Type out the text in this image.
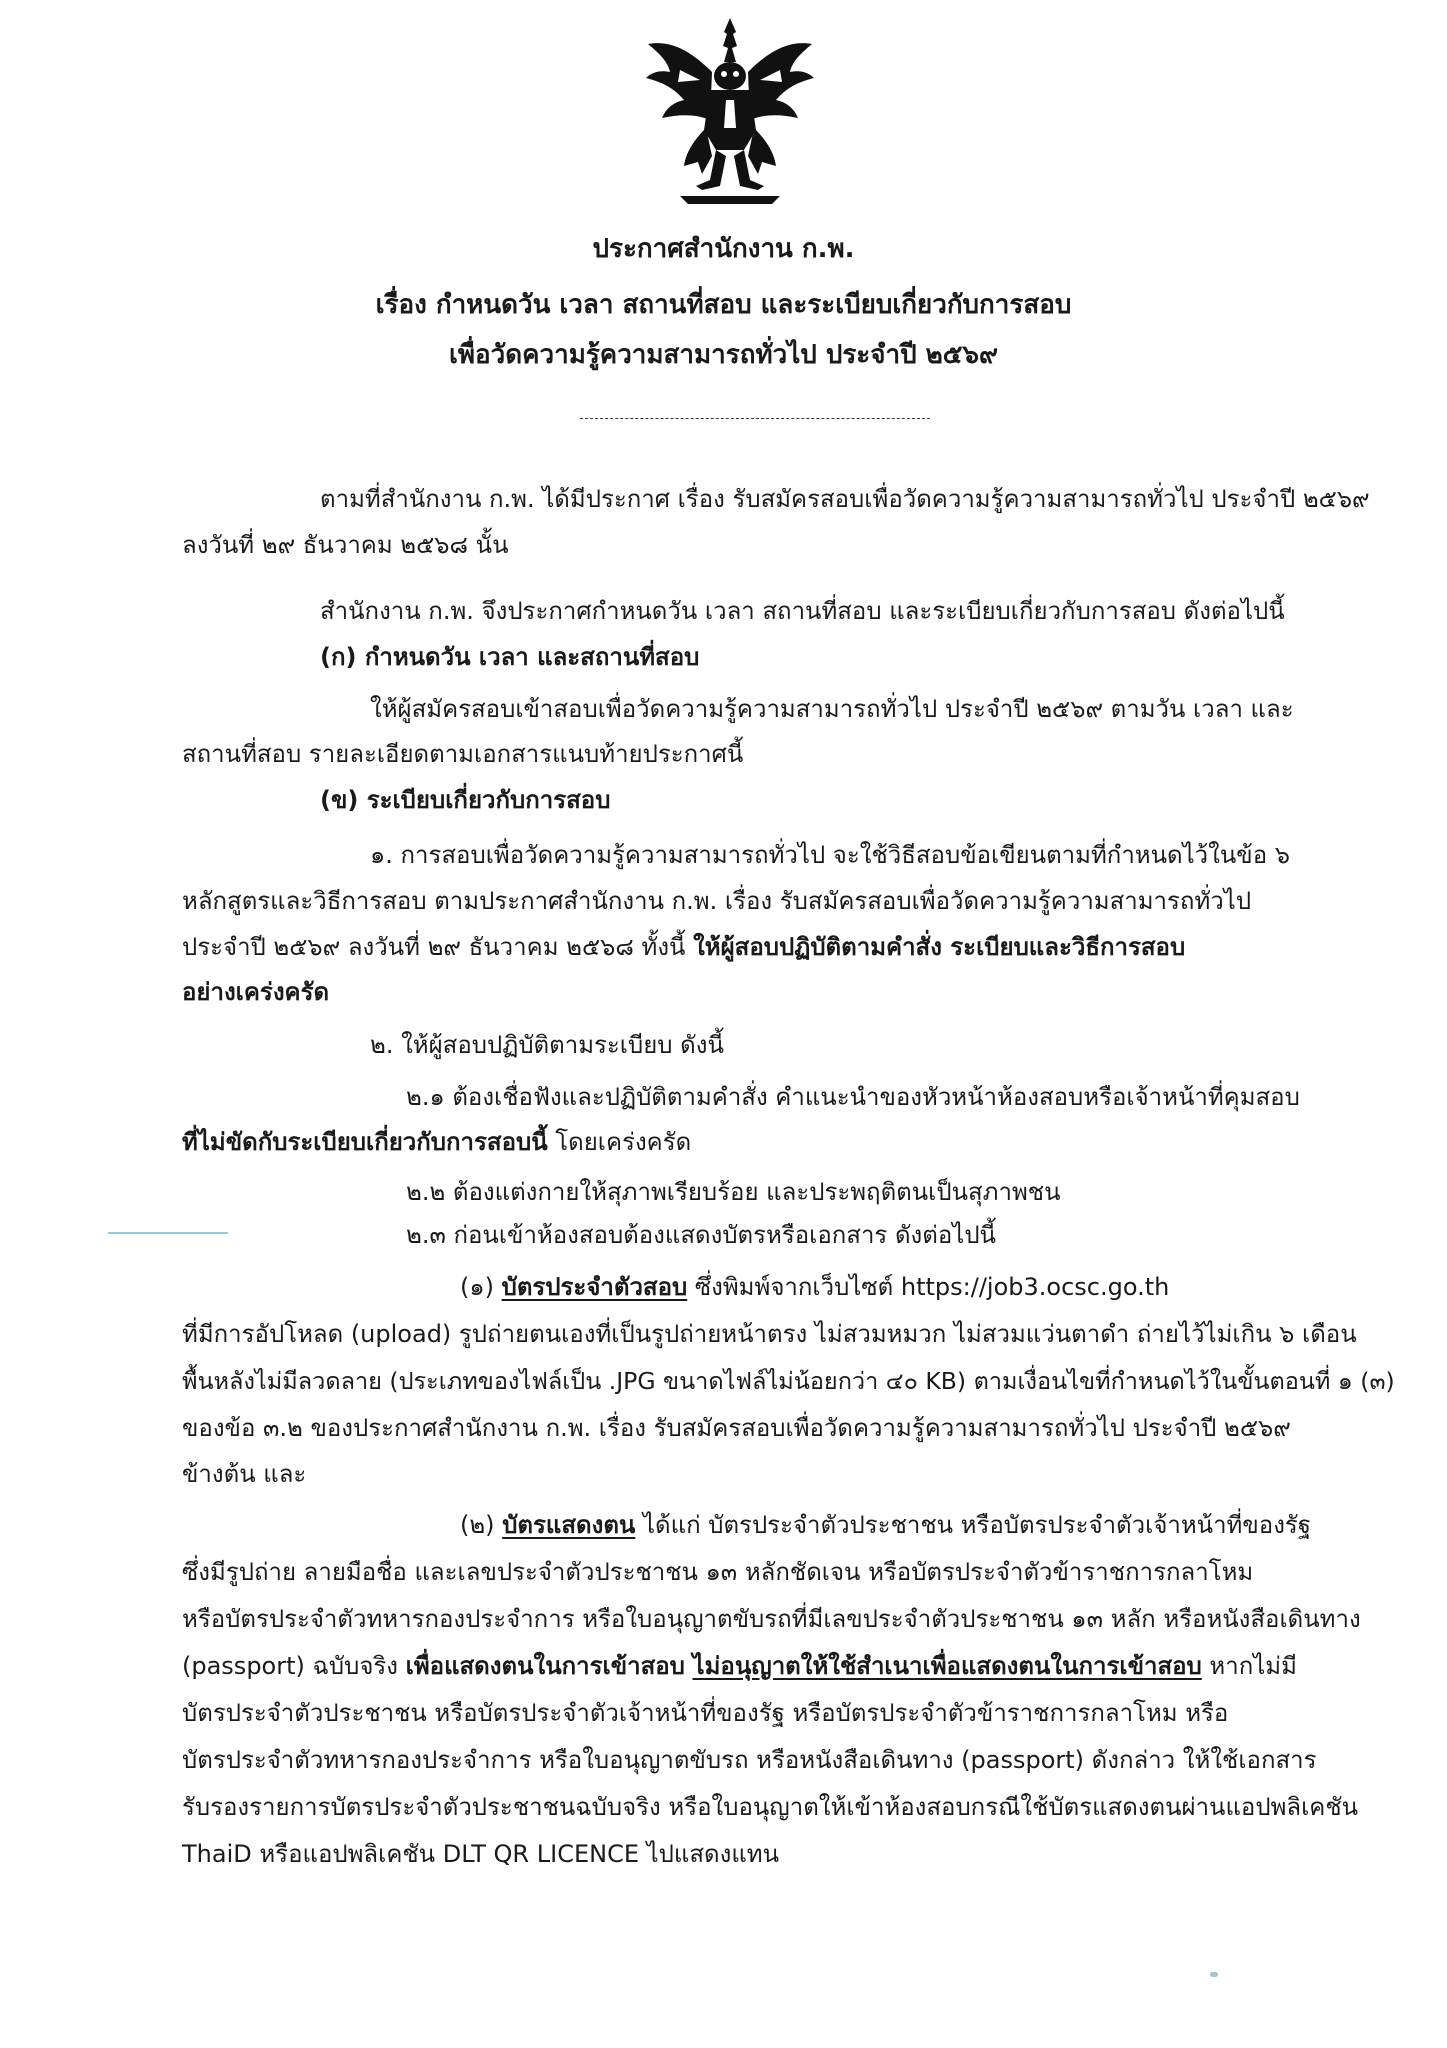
ประกาศสำนักงาน ก.พ.
เรื่อง กำหนดวัน เวลา สถานที่สอบ และระเบียบเกี่ยวกับการสอบ
เพื่อวัดความรู้ความสามารถทั่วไป ประจำปี ๒๕๖๙
ตามที่สำนักงาน ก.พ. ได้มีประกาศ เรื่อง รับสมัครสอบเพื่อวัดความรู้ความสามารถทั่วไป ประจำปี ๒๕๖๙
ลงวันที่ ๒๙ ธันวาคม ๒๕๖๘ นั้น
สำนักงาน ก.พ. จึงประกาศกำหนดวัน เวลา สถานที่สอบ และระเบียบเกี่ยวกับการสอบ ดังต่อไปนี้
(ก) กำหนดวัน เวลา และสถานที่สอบ
ให้ผู้สมัครสอบเข้าสอบเพื่อวัดความรู้ความสามารถทั่วไป ประจำปี ๒๕๖๙ ตามวัน เวลา และ
สถานที่สอบ รายละเอียดตามเอกสารแนบท้ายประกาศนี้
(ข) ระเบียบเกี่ยวกับการสอบ
๑. การสอบเพื่อวัดความรู้ความสามารถทั่วไป จะใช้วิธีสอบข้อเขียนตามที่กำหนดไว้ในข้อ ๖
หลักสูตรและวิธีการสอบ ตามประกาศสำนักงาน ก.พ. เรื่อง รับสมัครสอบเพื่อวัดความรู้ความสามารถทั่วไป
ประจำปี ๒๕๖๙ ลงวันที่ ๒๙ ธันวาคม ๒๕๖๘ ทั้งนี้ ให้ผู้สอบปฏิบัติตามคำสั่ง ระเบียบและวิธีการสอบ
อย่างเคร่งครัด
๒. ให้ผู้สอบปฏิบัติตามระเบียบ ดังนี้
๒.๑ ต้องเชื่อฟังและปฏิบัติตามคำสั่ง คำแนะนำของหัวหน้าห้องสอบหรือเจ้าหน้าที่คุมสอบ
ที่ไม่ขัดกับระเบียบเกี่ยวกับการสอบนี้ โดยเคร่งครัด
๒.๒ ต้องแต่งกายให้สุภาพเรียบร้อย และประพฤติตนเป็นสุภาพชน
๒.๓ ก่อนเข้าห้องสอบต้องแสดงบัตรหรือเอกสาร ดังต่อไปนี้
(๑) บัตรประจำตัวสอบ ซึ่งพิมพ์จากเว็บไซต์ https://job3.ocsc.go.th
ที่มีการอัปโหลด (upload) รูปถ่ายตนเองที่เป็นรูปถ่ายหน้าตรง ไม่สวมหมวก ไม่สวมแว่นตาดำ ถ่ายไว้ไม่เกิน ๖ เดือน
พื้นหลังไม่มีลวดลาย (ประเภทของไฟล์เป็น .JPG ขนาดไฟล์ไม่น้อยกว่า ๔๐ KB) ตามเงื่อนไขที่กำหนดไว้ในขั้นตอนที่ ๑ (๓)
ของข้อ ๓.๒ ของประกาศสำนักงาน ก.พ. เรื่อง รับสมัครสอบเพื่อวัดความรู้ความสามารถทั่วไป ประจำปี ๒๕๖๙
ข้างต้น และ
(๒) บัตรแสดงตน ได้แก่ บัตรประจำตัวประชาชน หรือบัตรประจำตัวเจ้าหน้าที่ของรัฐ
ซึ่งมีรูปถ่าย ลายมือชื่อ และเลขประจำตัวประชาชน ๑๓ หลักชัดเจน หรือบัตรประจำตัวข้าราชการกลาโหม
หรือบัตรประจำตัวทหารกองประจำการ หรือใบอนุญาตขับรถที่มีเลขประจำตัวประชาชน ๑๓ หลัก หรือหนังสือเดินทาง
(passport) ฉบับจริง เพื่อแสดงตนในการเข้าสอบ ไม่อนุญาตให้ใช้สำเนาเพื่อแสดงตนในการเข้าสอบ หากไม่มี
บัตรประจำตัวประชาชน หรือบัตรประจำตัวเจ้าหน้าที่ของรัฐ หรือบัตรประจำตัวข้าราชการกลาโหม หรือ
บัตรประจำตัวทหารกองประจำการ หรือใบอนุญาตขับรถ หรือหนังสือเดินทาง (passport) ดังกล่าว ให้ใช้เอกสาร
รับรองรายการบัตรประจำตัวประชาชนฉบับจริง หรือใบอนุญาตให้เข้าห้องสอบกรณีใช้บัตรแสดงตนผ่านแอปพลิเคชัน
ThaiD หรือแอปพลิเคชัน DLT QR LICENCE ไปแสดงแทน
